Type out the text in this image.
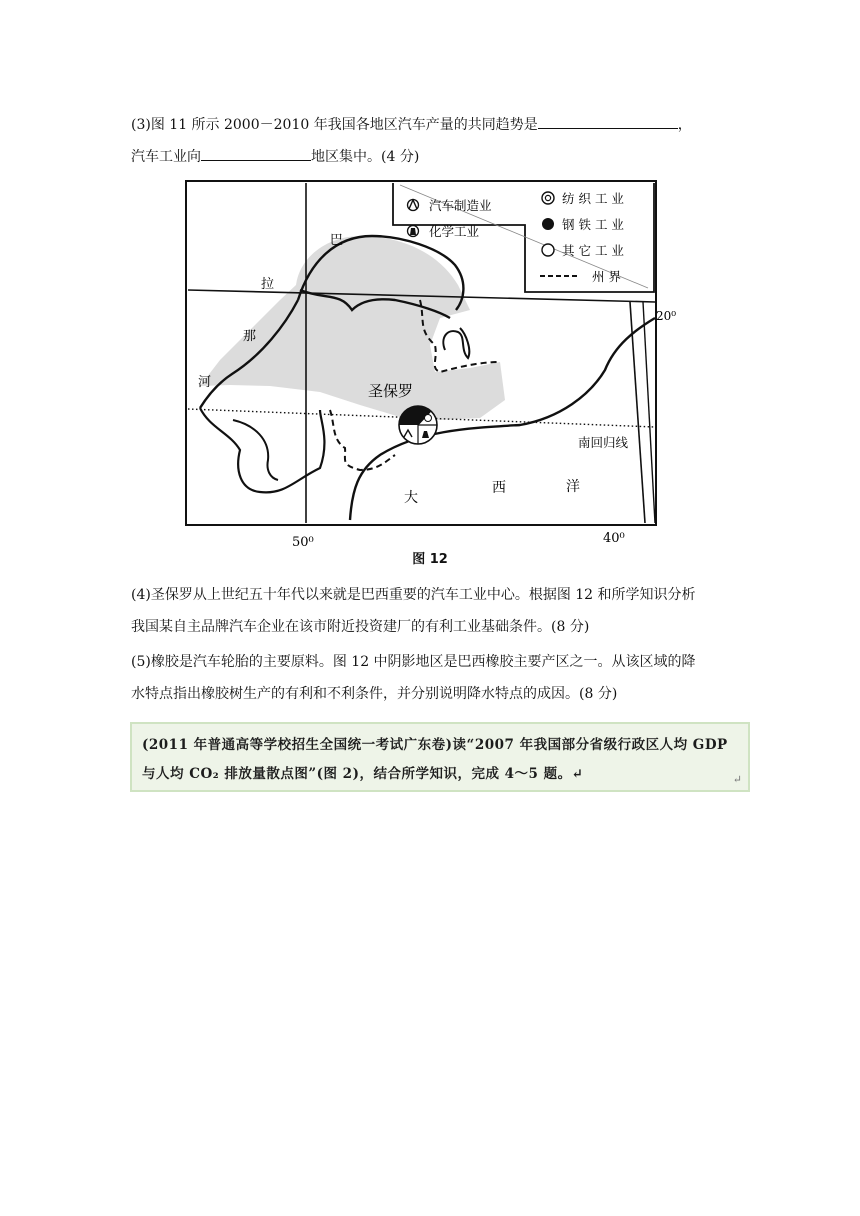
(3)图 11 所示 2000－2010 年我国各地区汽车产量的共同趋势是	，
汽车工业向	地区集中。(4 分)
汽车制造业
化学工业
纺 织 工 业
钢 铁 工 业
其 它 工 业
州 界
巴
拉
那
河
圣保罗
大
西	洋
南回归线
20⁰
50⁰	40⁰
图 12
(4)圣保罗从上世纪五十年代以来就是巴西重要的汽车工业中心。根据图 12 和所学知识分析
我国某自主品牌汽车企业在该市附近投资建厂的有利工业基础条件。(8 分)
(5)橡胶是汽车轮胎的主要原料。图 12 中阴影地区是巴西橡胶主要产区之一。从该区域的降
水特点指出橡胶树生产的有利和不利条件，并分别说明降水特点的成因。(8 分)
(2011 年普通高等学校招生全国统一考试广东卷)读“2007 年我国部分省级行政区人均 GDP
与人均 CO₂ 排放量散点图”(图 2)，结合所学知识，完成 4～5 题。↵	↵
